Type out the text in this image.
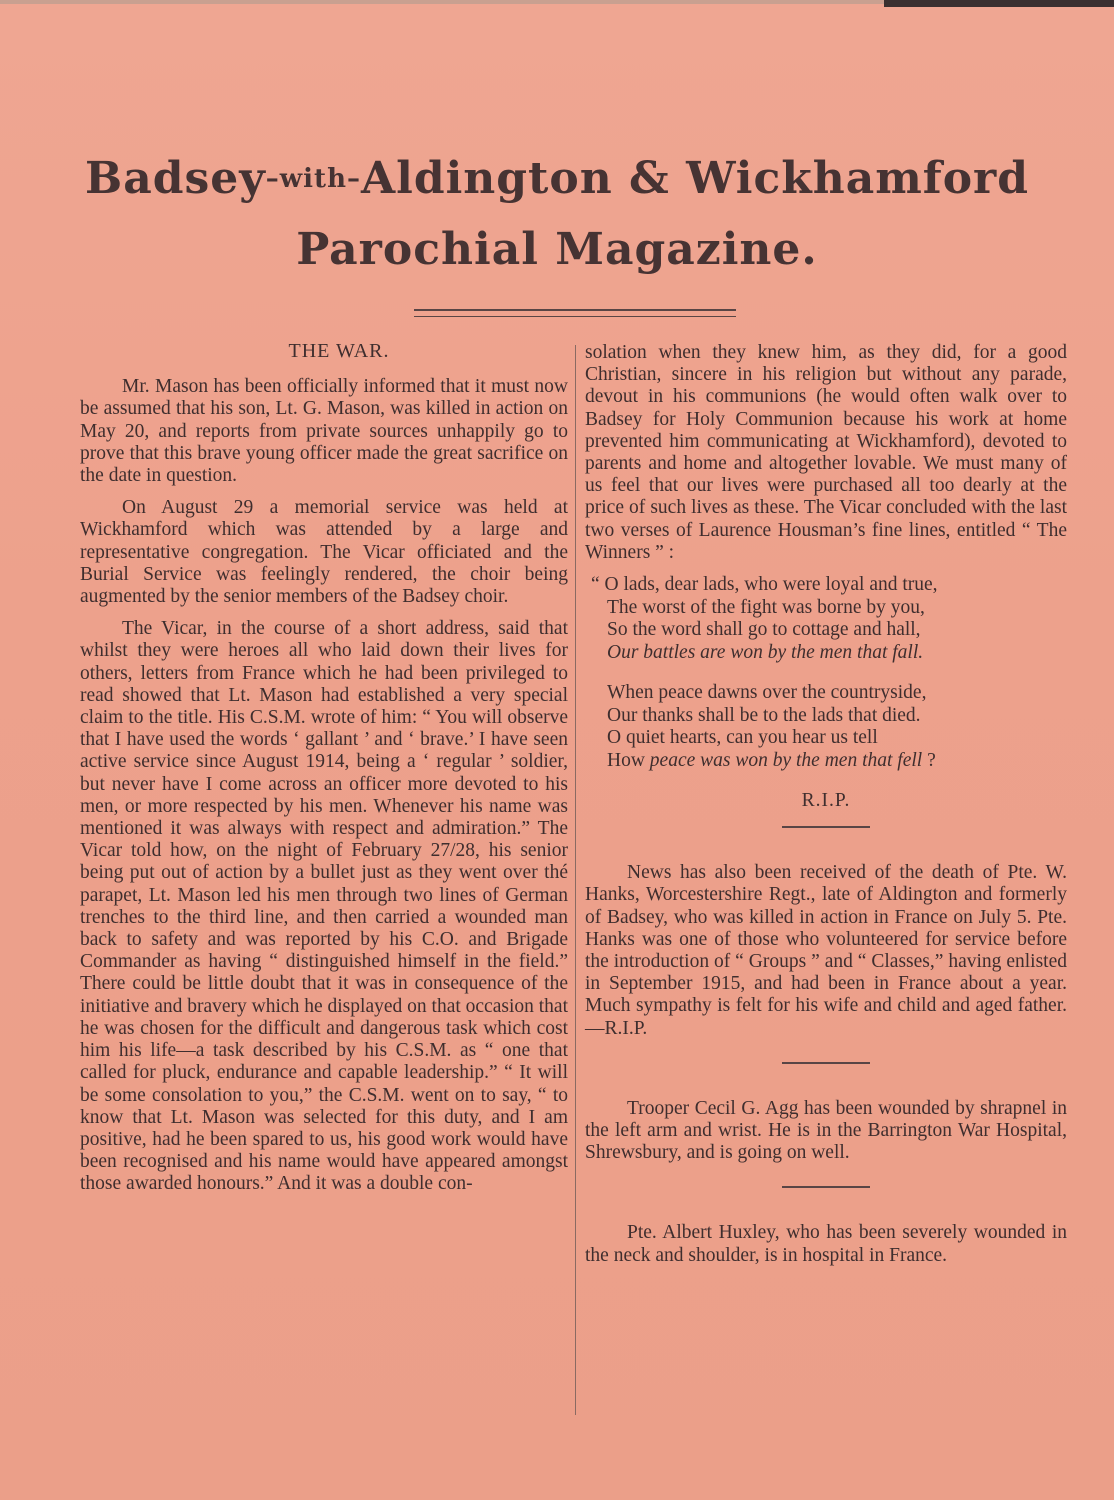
Badsey–with–Aldington & Wickhamford
Parochial Magazine.
THE WAR.

Mr. Mason has been officially informed that it must now be assumed that his son, Lt. G. Mason, was killed in action on May 20, and reports from private sources unhappily go to prove that this brave young officer made the great sacrifice on the date in question.

On August 29 a memorial service was held at Wickhamford which was attended by a large and representative congregation. The Vicar officiated and the Burial Service was feelingly rendered, the choir being augmented by the senior members of the Badsey choir.

The Vicar, in the course of a short address, said that whilst they were heroes all who laid down their lives for others, letters from France which he had been privileged to read showed that Lt. Mason had established a very special claim to the title. His C.S.M. wrote of him: “ You will observe that I have used the words ‘ gallant ’ and ‘ brave.’ I have seen active service since August 1914, being a ‘ regular ’ soldier, but never have I come across an officer more devoted to his men, or more respected by his men. Whenever his name was mentioned it was always with respect and admiration.” The Vicar told how, on the night of February 27/28, his senior being put out of action by a bullet just as they went over thé parapet, Lt. Mason led his men through two lines of German trenches to the third line, and then carried a wounded man back to safety and was reported by his C.O. and Brigade Commander as having “ distinguished himself in the field.” There could be little doubt that it was in consequence of the initiative and bravery which he displayed on that occasion that he was chosen for the difficult and dangerous task which cost him his life—a task described by his C.S.M. as “ one that called for pluck, endurance and capable leadership.” “ It will be some consolation to you,” the C.S.M. went on to say, “ to know that Lt. Mason was selected for this duty, and I am positive, had he been spared to us, his good work would have been recognised and his name would have appeared amongst those awarded honours.” And it was a double con-

solation when they knew him, as they did, for a good Christian, sincere in his religion but without any parade, devout in his communions (he would often walk over to Badsey for Holy Communion because his work at home prevented him communicating at Wickhamford), devoted to parents and home and altogether lovable. We must many of us feel that our lives were purchased all too dearly at the price of such lives as these. The Vicar concluded with the last two verses of Laurence Housman’s fine lines, entitled “ The Winners ” :

“ O lads, dear lads, who were loyal and true,
The worst of the fight was borne by you,
So the word shall go to cottage and hall,
Our battles are won by the men that fall.
When peace dawns over the countryside,
Our thanks shall be to the lads that died.
O quiet hearts, can you hear us tell
How peace was won by the men that fell ?
R.I.P.

News has also been received of the death of Pte. W. Hanks, Worcestershire Regt., late of Aldington and formerly of Badsey, who was killed in action in France on July 5. Pte. Hanks was one of those who volunteered for service before the introduction of “ Groups ” and “ Classes,” having enlisted in September 1915, and had been in France about a year. Much sympathy is felt for his wife and child and aged father.—R.I.P.

Trooper Cecil G. Agg has been wounded by shrapnel in the left arm and wrist. He is in the Barrington War Hospital, Shrewsbury, and is going on well.

Pte. Albert Huxley, who has been severely wounded in the neck and shoulder, is in hospital in France.
